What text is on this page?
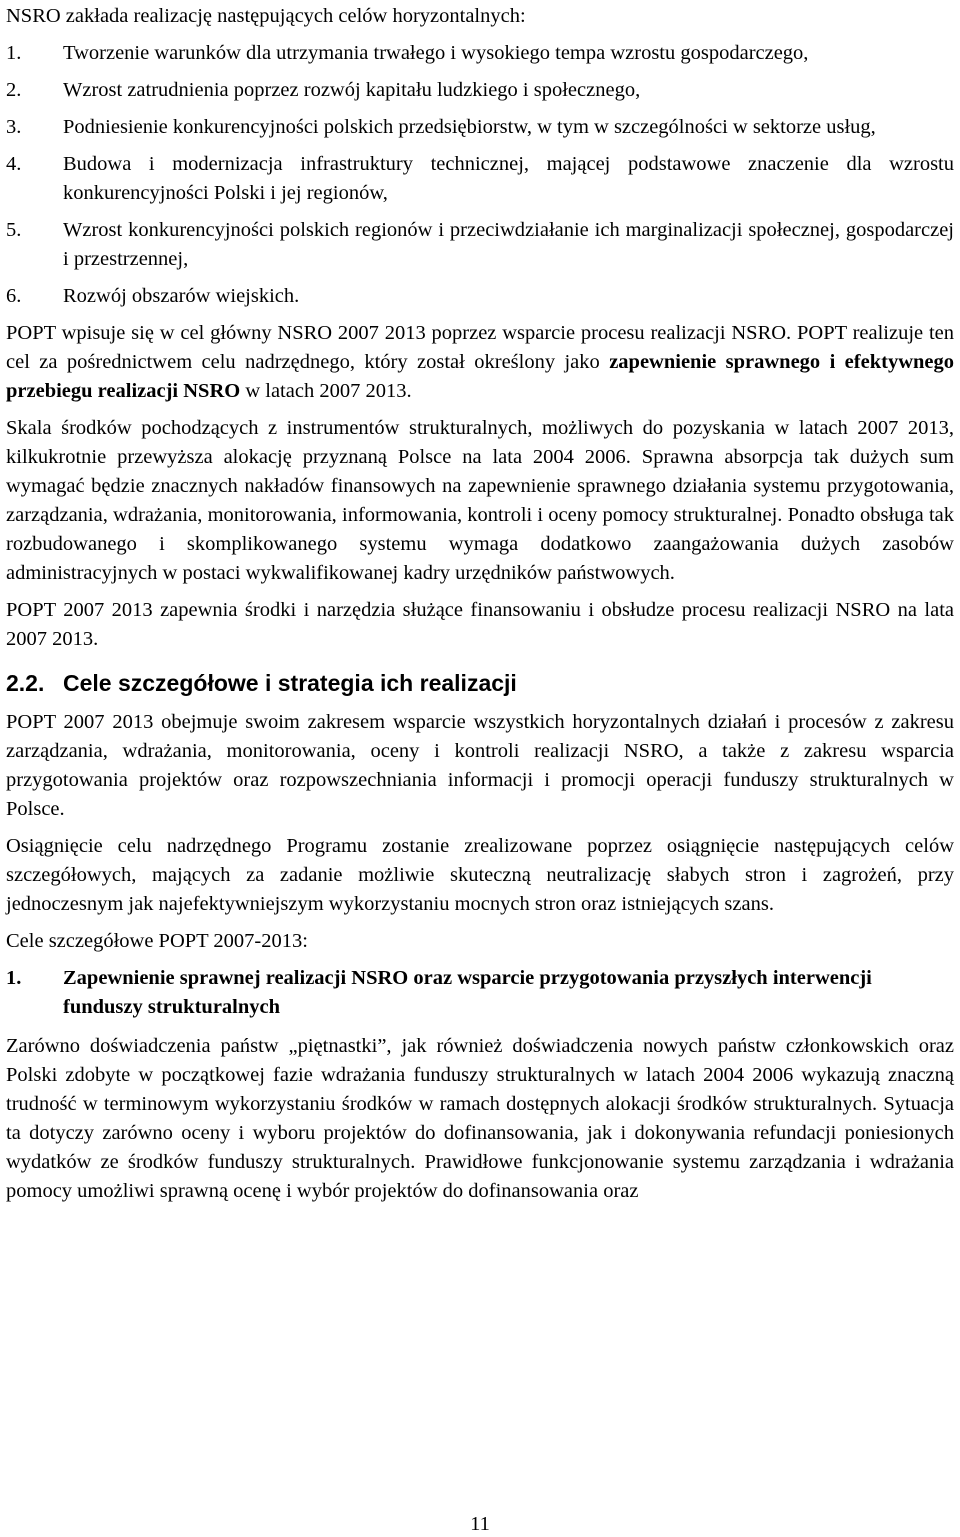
NSRO zakłada realizację następujących celów horyzontalnych:

1. Tworzenie warunków dla utrzymania trwałego i wysokiego tempa wzrostu gospodarczego,
2. Wzrost zatrudnienia poprzez rozwój kapitału ludzkiego i społecznego,
3. Podniesienie konkurencyjności polskich przedsiębiorstw, w tym w szczególności w sektorze usług,
4. Budowa i modernizacja infrastruktury technicznej, mającej podstawowe znaczenie dla wzrostu konkurencyjności Polski i jej regionów,
5. Wzrost konkurencyjności polskich regionów i przeciwdziałanie ich marginalizacji społecznej, gospodarczej i przestrzennej,
6. Rozwój obszarów wiejskich.

POPT wpisuje się w cel główny NSRO 2007 2013 poprzez wsparcie procesu realizacji NSRO. POPT realizuje ten cel za pośrednictwem celu nadrzędnego, który został określony jako zapewnienie sprawnego i efektywnego przebiegu realizacji NSRO w latach 2007 2013.

Skala środków pochodzących z instrumentów strukturalnych, możliwych do pozyskania w latach 2007 2013, kilkukrotnie przewyższa alokację przyznaną Polsce na lata 2004 2006. Sprawna absorpcja tak dużych sum wymagać będzie znacznych nakładów finansowych na zapewnienie sprawnego działania systemu przygotowania, zarządzania, wdrażania, monitorowania, informowania, kontroli i oceny pomocy strukturalnej. Ponadto obsługa tak rozbudowanego i skomplikowanego systemu wymaga dodatkowo zaangażowania dużych zasobów administracyjnych w postaci wykwalifikowanej kadry urzędników państwowych.

POPT 2007 2013 zapewnia środki i narzędzia służące finansowaniu i obsłudze procesu realizacji NSRO na lata 2007 2013.

2.2. Cele szczegółowe i strategia ich realizacji

POPT 2007 2013 obejmuje swoim zakresem wsparcie wszystkich horyzontalnych działań i procesów z zakresu zarządzania, wdrażania, monitorowania, oceny i kontroli realizacji NSRO, a także z zakresu wsparcia przygotowania projektów oraz rozpowszechniania informacji i promocji operacji funduszy strukturalnych w Polsce.

Osiągnięcie celu nadrzędnego Programu zostanie zrealizowane poprzez osiągnięcie następujących celów szczegółowych, mających za zadanie możliwie skuteczną neutralizację słabych stron i zagrożeń, przy jednoczesnym jak najefektywniejszym wykorzystaniu mocnych stron oraz istniejących szans.

Cele szczegółowe POPT 2007-2013:

1. Zapewnienie sprawnej realizacji NSRO oraz wsparcie przygotowania przyszłych interwencji funduszy strukturalnych

Zarówno doświadczenia państw „piętnastki”, jak również doświadczenia nowych państw członkowskich oraz Polski zdobyte w początkowej fazie wdrażania funduszy strukturalnych w latach 2004 2006 wykazują znaczną trudność w terminowym wykorzystaniu środków w ramach dostępnych alokacji środków strukturalnych. Sytuacja ta dotyczy zarówno oceny i wyboru projektów do dofinansowania, jak i dokonywania refundacji poniesionych wydatków ze środków funduszy strukturalnych. Prawidłowe funkcjonowanie systemu zarządzania i wdrażania pomocy umożliwi sprawną ocenę i wybór projektów do dofinansowania oraz

11
